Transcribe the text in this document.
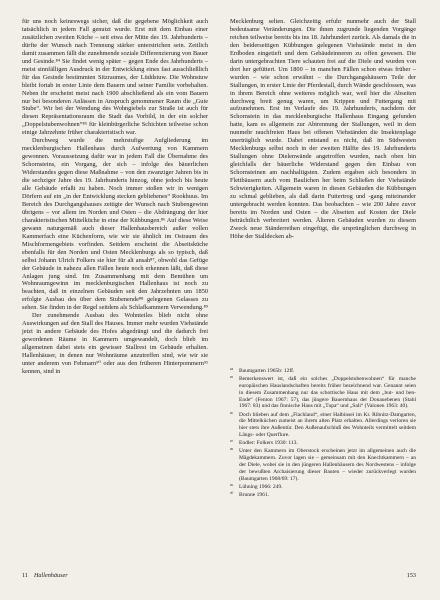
für uns noch keineswegs sicher, daß die gegebene Möglichkeit auch tatsächlich in jedem Fall genutzt wurde. Erst mit dem Einbau einer zusätzlichen zweiten Küche – seit etwa der Mitte des 19. Jahrhunderts – dürfte der Wunsch nach Trennung stärker unterstrichen sein. Zeitlich damit zusammen fällt die zunehmende soziale Differenzierung von Bauer und Gesinde.⁸⁴ Sie findet wenig später – gegen Ende des Jahrhunderts – meist sinnfälligen Ausdruck in der Entwicklung eines fast ausschließlich für das Gesinde bestimmten Sitzraumes, der Lüddstuw. Die Wohnstuw bleibt fortab in erster Linie dem Bauern und seiner Familie vorbehalten. Neben ihr erscheint meist nach 1900 abschließend als ein vom Bauern nur bei besonderen Anlässen in Anspruch genommener Raum die „Gute Stube“. Wir bei der Wendung des Wohngiebels zur Straße ist auch für diesen Repräsentationsraum die Stadt das Vorbild, in der ein solcher „Doppelstubenwohnen“⁸⁵ für kleinbürgerliche Schichten teilweise schon einige Jahrzehnte früher charakteristisch war.

Durchweg wurde die mehrstufige Aufgliederung im mecklenburgischen Hallenhaus durch Aufwertung von Kammern gewonnen. Voraussetzung dafür war in jedem Fall die Übernahme des Schornsteins, ein Vorgang, der sich – infolge des bäuerlichen Widerstandes gegen diese Maßnahme – von den zwanziger Jahren bis in die sechziger Jahre des 19. Jahrhunderts hinzog, ohne jedoch bis heute alle Gebäude erfaßt zu haben. Noch immer stoßen wir in wenigen Dörfern auf ein „in der Entwicklung stecken gebliebenes“ Rookhuus. Im Bereich des Durchgangshauses zeitigte der Wunsch nach Stubengewinn übrigens – vor allem im Norden und Osten – die Abdrängung der hier charakteristischen Mittelküche in eine der Kübbungen.⁸⁶ Auf diese Weise gewann naturgemäß auch dieser Hallenhausbereich außer vollen Kammerfach eine Küchenform, wie wir sie ähnlich im Ostraum des Mischformengebiets vorfinden. Seitdem erscheint die Abseitsküche ebenfalls für den Norden und Osten Mecklenburgs als so typisch, daß selbst Johann Ulrich Folkers sie hier für alt ansah⁸⁷, obwohl das Gefüge der Gebäude in nahezu allen Fällen heute noch erkennen läßt, daß diese Anlagen jung sind. Im Zusammenhang mit dem Bemühen um Wohnraumgewinn im mecklenburgischen Hallenhaus ist noch zu beachten, daß in einzelnen Gebäuden seit den Jahrzehnten um 1850 erfolgte Ausbau des über dem Stubenende⁸⁸ gelegenen Gelasses zu sehen. Sie finden in der Regel seitdem als Schlafkammern Verwendung.⁸⁹

Der zunehmende Ausbau des Wohnteiles blieb nicht ohne Auswirkungen auf den Stall des Hauses. Immer mehr wurden Viehstände jetzt in andere Gebäude des Hofes abgedrängt und die dadurch frei gewordenen Räume in Kammern umgewandelt, doch blieb im allgemeinen dabei stets ein gewisser Stallrest im Gebäude erhalten. Hallenhäuser, in denen nur Wohnräume anzutreffen sind, wie wir sie unter anderem von Fehmarn⁹⁰ oder aus den früheren Hinterpommern⁹¹ kennen, sind in

Mecklenburg selten. Gleichzeitig erfuhr nunmehr auch der Stall bedeutsame Veränderungen. Die ihnen zugrunde liegenden Vorgänge reichen teilweise bereits bis ins 18. Jahrhundert zurück. Als damals die in den beiderseitigen Kübbungen gelegenen Viehstände meist in den Erdboden eingetieft und dem Gebäudeinneren zu offen gewesen. Die darin untergebrachten Tiere schauten frei auf die Diele und wurden von dort her gefüttert. Um 1800 – in manchen Fällen schon etwas früher – wurden – wie schon erwähnt – die Durchgangshäusern Teile der Stallungen, in erster Linie der Pferdestall, durch Wände geschlossen, was in ihrem Bereich ohne weiteres möglich war, weil hier die Abseiten durchweg breit genug waren, um Krippen und Futtergang mit aufzunehmen. Erst im Verlaufe des 19. Jahrhunderts, nachdem der Schornstein in das mecklenburgische Hallenhaus Eingang gefunden hatte, kam es allgemein zur Abtrennung der Stallungen, weil in dem nunmehr rauchfreien Haus bei offenen Viehständen die Insektenplage unerträglich wurde. Dabei entstand es nicht, daß im Südwesten Mecklenburgs selbst noch in der zweiten Hälfte des 19. Jahrhunderts Stallungen ohne Dielenwände angetroffen wurden, nach oben hin gleichfalls der bäuerliche Widerstand gegen den Einbau von Schornsteinen am nachhaltigsten. Zudem ergaben sich besonders in Flettbäusern auch vom Baulichen her beim Schließen der Viehstände Schwierigkeiten. Allgemein waren in diesen Gebäuden die Kübbungen zu schmal geblieben, als daß darin Futtertrog und -gang miteinander untergebracht werden konnten. Das beobachten – wie 200 Jahre zuvor bereits im Norden und Osten – die Abseiten auf Kosten der Diele beträchtlich verbreitert werden. Älteren Gebäuden wurden zu diesem Zweck neue Ständerreihen eingefügt, die ursprünglichen durchweg in Höhe der Stalldecken ab-

⁸⁴ Baumgarten 1965b: 12ff.

⁸⁵ Bemerkenswert ist, daß ein solches „Doppelstubenwohnen“ für manche europäischen Hauslandschaften bereits früher bezeichnend war. Genannt seien in diesem Zusammenhang nur das schottische Haus mit dem „but- und ben-Ende“ (Fenton 1967: 57), das jüngere Bauernhaus der Donauebenen (Stahl 1967: 83) und das finnische Haus mit „Tupa“ und „Sali“ (Valonen 1963: 40).

⁸⁶ Doch blieben auf dem „Flachland“, einer Halbinsel im Kr. Ribnitz-Damgarten, die Mittelküchen zumeist an ihrem alten Platz erhalten. Allerdings verloren sie hier stets ihre Außentür. Den Außenaufschluß des Wohnteils vermittelt seitdem Längs- oder Querflure.

⁸⁷ Endler: Folkers 1930: 113.

⁸⁸ Unter den Kammern im Oberstock erscheinen jetzt im allgemeinen auch die Mägdekammern. Zuvor lagen sie – gemeinsam mit den Knechtkammern – an der Diele, wobei sie in den jüngeren Hallenhäusern des Nordwestens – infolge der bewußten Archaisierung dieser Bauten – wieder zurückverlegt wurden (Baumgarten 1968/69: 17).

⁸⁹ Lühning 1966: 249.

⁹⁰ Brunne 1961.

11 Hallenhäuser	153
